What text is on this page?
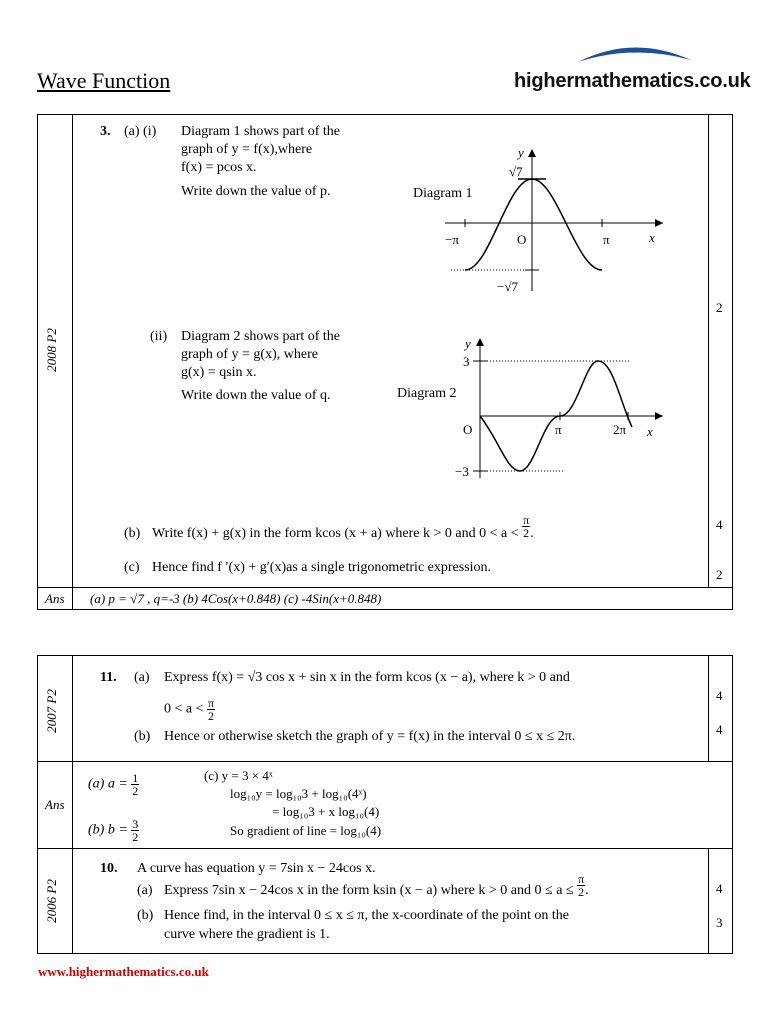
Wave Function	highermathematics.co.uk
2008 P2
3. (a) (i) Diagram 1 shows part of the
graph of y = f(x),where
f(x) = pcos x.
Write down the value of p.	Diagram 1
y
x
√7
−√7
−π	O	π
(ii) Diagram 2 shows part of the
graph of y = g(x), where
g(x) = qsin x.
Write down the value of q.	Diagram 2
y
x
3
−3
O	π	2π
(b) Write f(x) + g(x) in the form kcos (x + a) where k > 0 and $0 < a < \frac{\pi}{2}$ .
(c) Hence find f ′(x) + g′(x)as a single trigonometric expression.
2
4
2
Ans (a) p = √7 , q=-3 (b) 4Cos(x+0.848) (c) -4Sin(x+0.848)
2007 P2
11. (a) Express f(x) = √3 cos x + sin x in the form kcos (x − a), where k > 0 and
$0 < a < \frac{\pi}{2}$
(b) Hence or otherwise sketch the graph of y = f(x) in the interval 0 ≤ x ≤ 2π.
4
4
Ans
(a) $a = \frac{1}{2}$
(b) $b = \frac{3}{2}$
(c) y = 3 × 4ˣ
log₁₀y = log₁₀3 + log₁₀(4ˣ)
= log₁₀3 + x log₁₀(4)
So gradient of line = log₁₀(4)
2006 P2
10. A curve has equation y = 7sin x − 24cos x.
(a) Express 7sin x − 24cos x in the form ksin (x − a) where k > 0 and $0 \le a \le \frac{\pi}{2}$ .
(b) Hence find, in the interval 0 ≤ x ≤ π, the x-coordinate of the point on the
curve where the gradient is 1.
4
3
www.highermathematics.co.uk
